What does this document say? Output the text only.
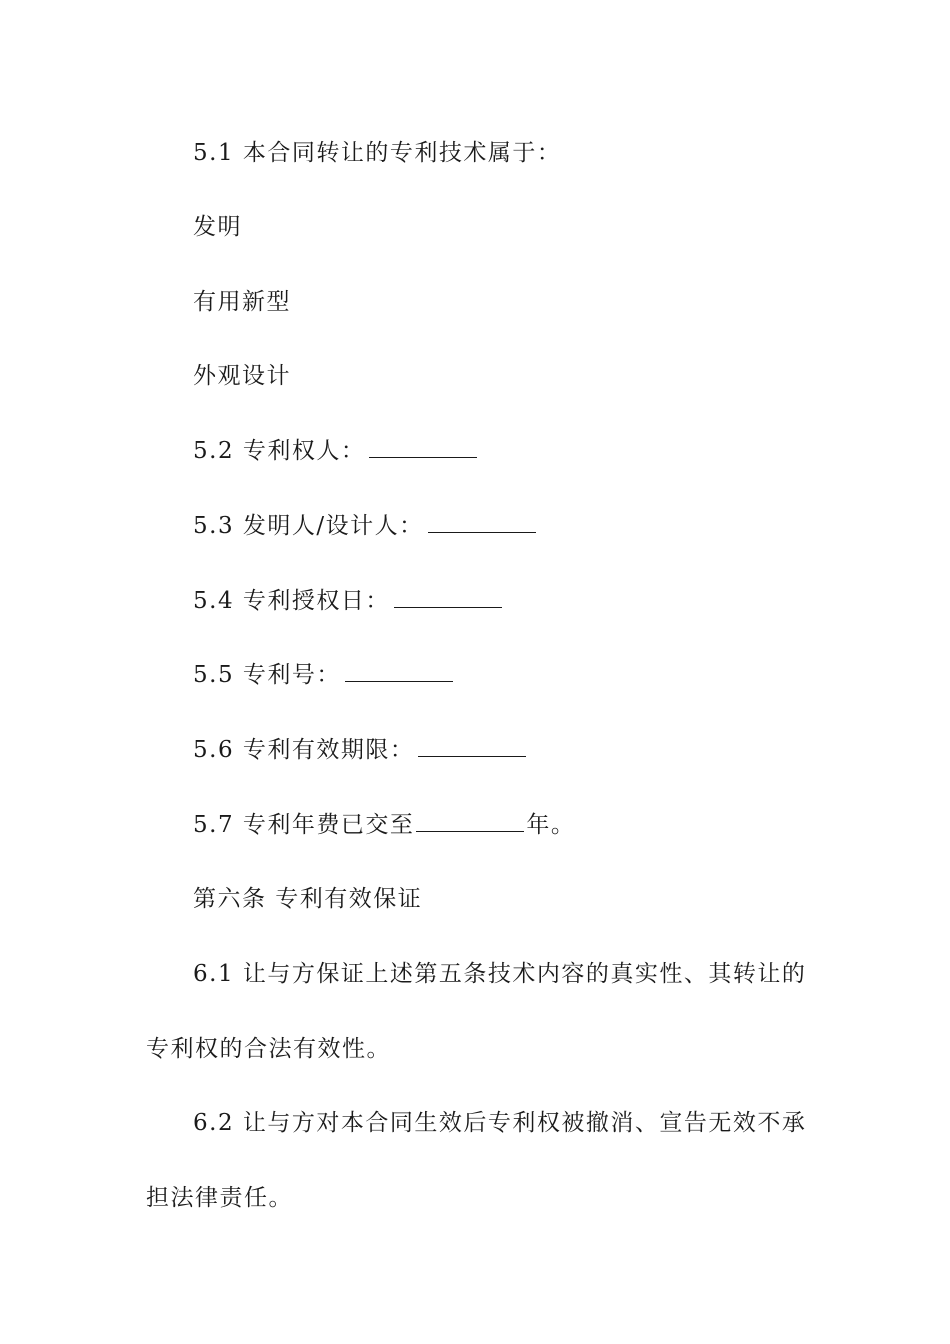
5.1 本合同转让的专利技术属于：
发明
有用新型
外观设计
5.2 专利权人：
5.3 发明人/设计人：
5.4 专利授权日：
5.5 专利号：
5.6 专利有效期限：
5.7 专利年费已交至	年。
第六条 专利有效保证
6.1 让与方保证上述第五条技术内容的真实性、其转让的
专利权的合法有效性。
6.2 让与方对本合同生效后专利权被撤消、宣告无效不承
担法律责任。
